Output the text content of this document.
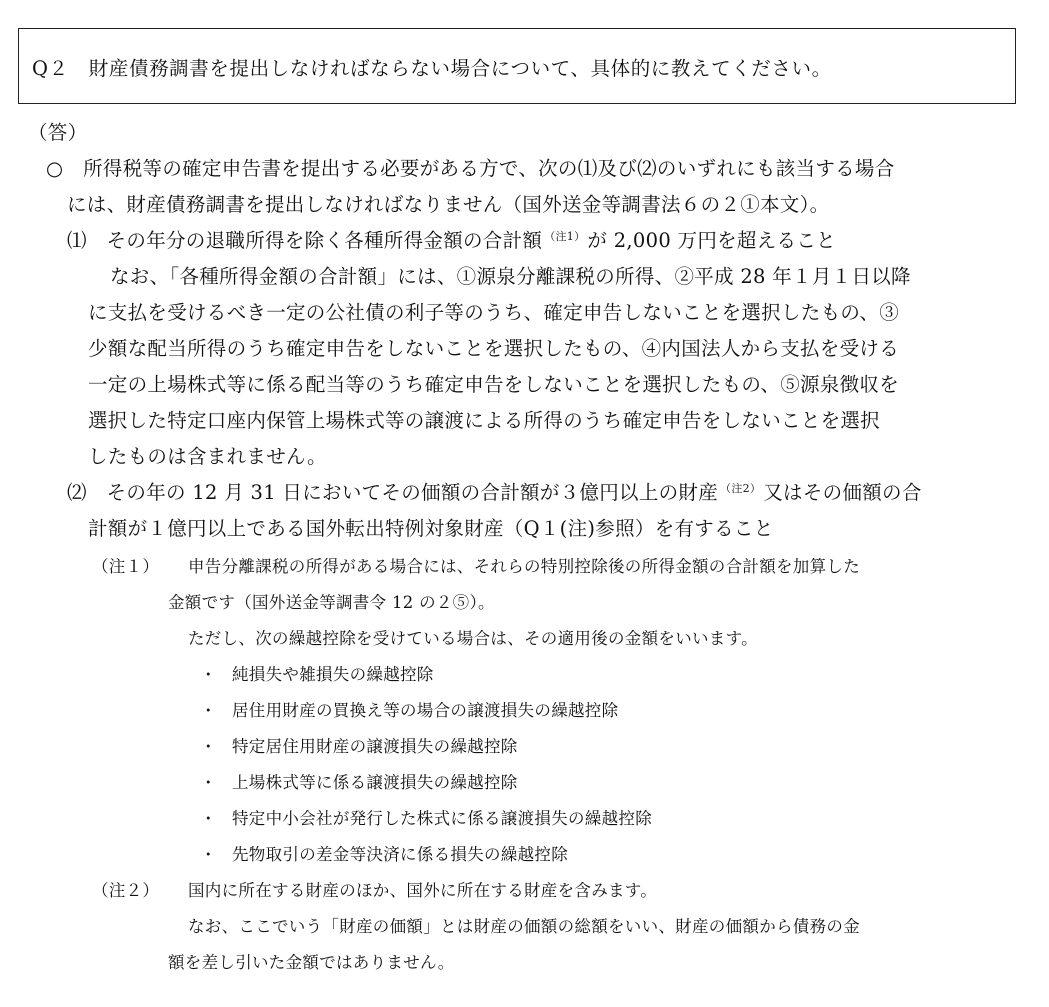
Q２　財産債務調書を提出しなければならない場合について、具体的に教えてください。
（答）
○　所得税等の確定申告書を提出する必要がある方で、次の⑴及び⑵のいずれにも該当する場合
には、財産債務調書を提出しなければなりません（国外送金等調書法６の２①本文）。
⑴　その年分の退職所得を除く各種所得金額の合計額 $^{(注1)}$ が 2,000 万円を超えること
なお、「各種所得金額の合計額」には、①源泉分離課税の所得、②平成 28 年１月１日以降
に支払を受けるべき一定の公社債の利子等のうち、確定申告しないことを選択したもの、③
少額な配当所得のうち確定申告をしないことを選択したもの、④内国法人から支払を受ける
一定の上場株式等に係る配当等のうち確定申告をしないことを選択したもの、⑤源泉徴収を
選択した特定口座内保管上場株式等の譲渡による所得のうち確定申告をしないことを選択
したものは含まれません。
⑵　その年の 12 月 31 日においてその価額の合計額が３億円以上の財産 $^{(注2)}$ 又はその価額の合
計額が１億円以上である国外転出特例対象財産（Q１(注)参照）を有すること
（注１） 申告分離課税の所得がある場合には、それらの特別控除後の所得金額の合計額を加算した
金額です（国外送金等調書令 12 の２⑤）。
ただし、次の繰越控除を受けている場合は、その適用後の金額をいいます。
・ 純損失や雑損失の繰越控除
・ 居住用財産の買換え等の場合の譲渡損失の繰越控除
・ 特定居住用財産の譲渡損失の繰越控除
・ 上場株式等に係る譲渡損失の繰越控除
・ 特定中小会社が発行した株式に係る譲渡損失の繰越控除
・ 先物取引の差金等決済に係る損失の繰越控除
（注２） 国内に所在する財産のほか、国外に所在する財産を含みます。
なお、ここでいう「財産の価額」とは財産の価額の総額をいい、財産の価額から債務の金
額を差し引いた金額ではありません。
